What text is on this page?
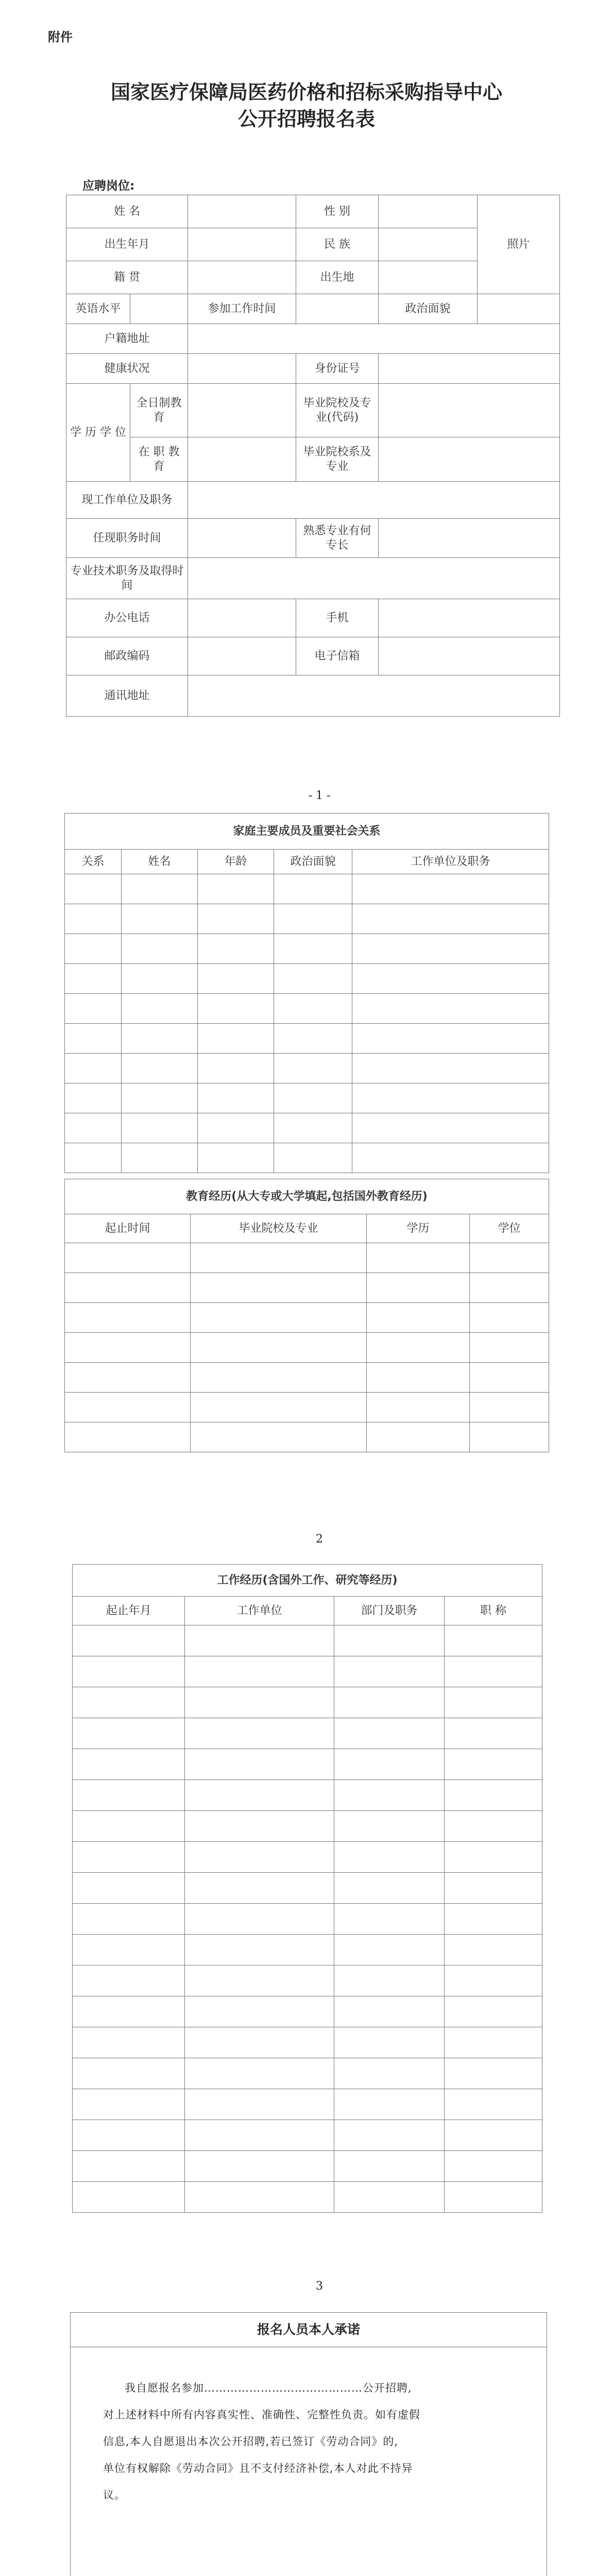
附件
国家医疗保障局医药价格和招标采购指导中心
公开招聘报名表
应聘岗位:
姓 名			性 别		照片
出生年月			民 族		
籍 贯			出生地		
英语水平		参加工作时间		政治面貌	
户籍地址					
健康状况			身份证号		
学 历 学 位	全日制教育		毕业院校及专业(代码)		
	在 职 教 育		毕业院校系及专业		
现工作单位及职务					
任现职务时间			熟悉专业有何专长		
专业技术职务及取得时间					
办公电话			手机		
邮政编码			电子信箱		
通讯地址					
- 1 -
家庭主要成员及重要社会关系				
关系	姓名	年龄	政治面貌	工作单位及职务

教育经历(从大专或大学填起,包括国外教育经历)			
起止时间	毕业院校及专业	学历	学位

2
工作经历(含国外工作、研究等经历)			
起止年月	工作单位	部门及职务	职 称

3
报名人员本人承诺
我自愿报名参加……………………………………公开招聘,
对上述材料中所有内容真实性、准确性、完整性负责。如有虚假
信息,本人自愿退出本次公开招聘,若已签订《劳动合同》的,
单位有权解除《劳动合同》且不支付经济补偿,本人对此不持异
议。
